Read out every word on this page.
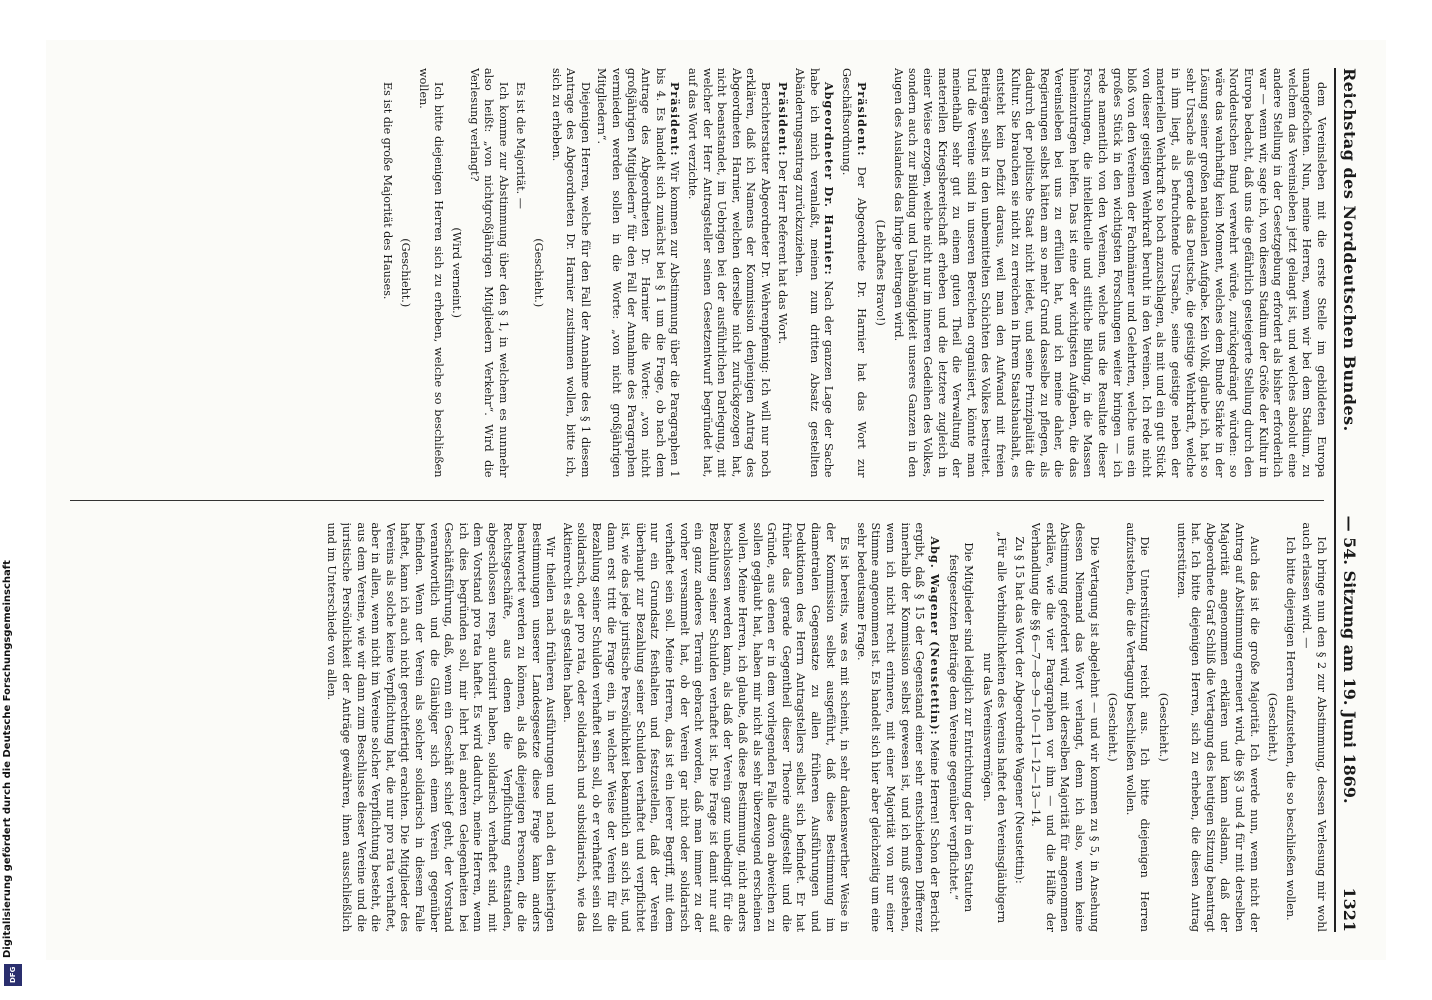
Reichstag des Norddeutschen Bundes.
— 54. Sitzung am 19. Juni 1869.
1321

dem Vereinsleben mit die erste Stelle im gebildeten Europa unangefochten. Nun, meine Herren, wenn wir bei dem Stadium, zu welchem das Vereinsleben jetzt gelangt ist, und welches absolut eine andere Stellung in der Gesetzgebung erfordert als bisher erforderlich war — wenn wir, sage ich, von diesem Stadium der Größe der Kultur in Europa bedacht, daß uns die gefährlich gesteigerte Stellung durch den Norddeutschen Bund verwehrt würde, zurückgedrängt würden: so wäre das wahrhaftig kein Moment, welches dem Bunde Stärke in der Lösung seiner großen nationalen Aufgabe. Kein Volk, glaube ich, hat so sehr Ursache als gerade das Deutsche, die geistige Wehrkraft, welche in ihm liegt, als befruchtende Ursache, seine geistige neben der materiellen Wehrkraft so hoch anzuschlagen, als mit und ein gut Stück von dieser geistigen Wehrkraft beruht in den Vereinen. Ich rede nicht bloß von den Vereinen der Fachmänner und Gelehrten, welche uns ein großes Stück in den wichtigsten Forschungen weiter bringen — ich rede namentlich von den Vereinen, welche uns die Resultate dieser Forschungen, die intellektuelle und sittliche Bildung, in die Massen hineinzutragen helfen. Das ist eine der wichtigsten Aufgaben, die das Vereinsleben bei uns zu erfüllen hat, und ich meine daher, die Regierungen selbst hätten am so mehr Grund dasselbe zu pflegen, als dadurch der politische Staat nicht leidet, und seine Prinzipalität die Kultur. Sie brauchen sie nicht zu erreichen in Ihrem Staatshaushalt, es entsteht kein Defizit daraus, weil man den Aufwand mit freien Beiträgen selbst in den unbemittelten Schichten des Volkes bestreitet. Und die Vereine sind in unseren Bereichen organisiert, könnte man meinethalb sehr gut zu einem guten Theil die Verwaltung der materiellen Kriegsbereitschaft erheben und die letztere zugleich in einer Weise erzogen, welche nicht nur im inneren Gedeihen des Volkes, sondern auch zur Bildung und Unabhängigkeit unseres Ganzen in den Augen des Auslandes das Ihrige beitragen wird.

(Lebhaftes Bravo!)

Präsident: Der Abgeordnete Dr. Harnier hat das Wort zur Geschäftsordnung.

Abgeordneter Dr. Harnier: Nach der ganzen Lage der Sache habe ich mich veranlaßt, meinen zum dritten Absatz gestellten Abänderungsantrag zurückzuziehen.

Präsident: Der Herr Referent hat das Wort.

Berichterstatter Abgeordneter Dr. Wehrenpfennig: Ich will nur noch erklären, daß ich Namens der Kommission denjenigen Antrag des Abgeordneten Harnier, welchen derselbe nicht zurückgezogen hat, nicht beanstandet, im Uebrigen bei der ausführlichen Darlegung, mit welcher der Herr Antragsteller seinen Gesetzentwurf begründet hat, auf das Wort verzichte.

Präsident: Wir kommen zur Abstimmung über die Paragraphen 1 bis 4. Es handelt sich zunächst bei § 1 um die Frage, ob nach dem Antrage des Abgeordneten Dr. Harnier die Worte: „von nicht großjährigen Mitgliedern“ für den Fall der Annahme des Paragraphen vermieden werden sollen in die Worte: „von nicht großjährigen Mitgliedern“.

Diejenigen Herren, welche für den Fall der Annahme des § 1 diesem Antrage des Abgeordneten Dr. Harnier zustimmen wollen, bitte ich, sich zu erheben.

(Geschieht.)

Es ist die Majorität. —

Ich komme zur Abstimmung über den § 1, in welchem es nunmehr also heißt: „von nichtgroßjährigen Mitgliedern Verkehr“. Wird die Verlesung verlangt?

(Wird verneint.)

Ich bitte diejenigen Herren sich zu erheben, welche so beschließen wollen.

(Geschieht.)

Es ist die große Majorität des Hauses.

Ich bringe nun den § 2 zur Abstimmung, dessen Verlesung mir wohl auch erlassen wird. —

Ich bitte diejenigen Herren aufzustehen, die so beschließen wollen.

(Geschieht.)

Auch das ist die große Majorität. Ich werde nun, wenn nicht der Antrag auf Abstimmung erneuert wird, die §§ 3 und 4 für mit derselben Majorität angenommen erklären und kann alsdann, daß der Abgeordnete Graf Schliß die Vertagung des heutigen Sitzung beantragt hat. Ich bitte diejenigen Herren, sich zu erheben, die diesen Antrag unterstützen.

(Geschieht.)

Die Unterstützung reicht aus. Ich bitte diejenigen Herren aufzustehen, die die Vertagung beschließen wollen.

(Geschieht.)

Die Vertagung ist abgelehnt — und wir kommen zu § 5, in Ansehung dessen Niemand das Wort verlangt, denn ich also, wenn keine Abstimmung gefordert wird, mit derselben Majorität für angenommen erkläre, wie die vier Paragraphen vor ihm — und die Hälfte der Verhandlung die §§ 6—7—8—9—10—11—12—13—14.

Zu § 15 hat das Wort der Abgeordnete Wagener (Neustettin):

„Für alle Verbindlichkeiten des Vereins haftet den Vereinsgläubigern nur das Vereinsvermögen.

Die Mitglieder sind lediglich zur Entrichtung der in den Statuten festgesetzten Beiträge dem Vereine gegenüber verpflichtet.“

Abg. Wagener (Neustettin): Meine Herren! Schon der Bericht ergibt, daß § 15 der Gegenstand einer sehr entschiedenen Differenz innerhalb der Kommission selbst gewesen ist, und ich muß gestehen, wenn ich nicht recht erinnere, mit einer Majorität von nur einer Stimme angenommen ist. Es handelt sich hier aber gleichzeitig um eine sehr bedeutsame Frage.

Es ist bereits, was es mit scheint, in sehr dankenswerther Weise in der Kommission selbst ausgeführt, daß diese Bestimmung im diametralen Gegensatze zu allen früheren Ausführungen und Deduktionen des Herrn Antragstellers selbst sich befindet. Er hat früher das gerade Gegentheil dieser Theorie aufgestellt und die Gründe, aus denen er in dem vorliegenden Falle davon abweichen zu sollen geglaubt hat, haben mir nicht als sehr überzeugend erscheinen wollen. Meine Herren, ich glaube, daß diese Bestimmung, nicht anders beschlossen werden kann, als daß der Verein ganz unbedingt für die Bezahlung seiner Schulden verhaftet ist. Die Frage ist damit nur auf ein ganz anderes Terrain gebracht worden, daß man immer zu der vorher versammelt hat, ob der Verein gar nicht oder solidarisch verhaftet sein soll. Meine Herren, das ist ein leerer Begriff, mit dem nur ein Grundsatz festhalten und festzustellen, daß der Verein überhaupt zur Bezahlung seiner Schulden verhaftet und verpflichtet ist, wie das jede juristische Persönlichkeit bekanntlich an sich ist, und dann erst tritt die Frage ein, in welcher Weise der Verein für die Bezahlung seiner Schulden verhaftet sein soll, ob er verhaftet sein soll solidarisch, oder pro rata, oder solidarisch und subsidiarisch, wie das Aktienrecht es als gestalten haben.

Wir theilen nach früheren Ausführungen und nach den bisherigen Bestimmungen unserer Landesgesetze diese Frage kann anders beantwortet werden zu können, als daß diejenigen Personen, die die Rechtsgeschäfte, aus denen die Verpflichtung entstanden, abgeschlossen resp. autorisirt haben, solidarisch verhaftet sind, mit dem Vorstand pro rata haftet. Es wird dadurch, meine Herren, wenn ich dies begründen soll, mir lehrt bei anderen Gelegenheiten bei Geschäftsführung, daß, wenn ein Geschäft schief geht, der Vorstand verantwortlich und die Gläubiger sich einem Verein gegenüber befinden. Wenn der Verein als solcher solidarisch in diesem Falle haftet, kann ich auch nicht gerechtfertigt erachten. Die Mitglieder des Vereins als solche keine Verpflichtung hat, die nur pro rata verhaftet, aber in allen, wenn nicht im Vereine solcher Verpflichtung besteht, die aus dem Vereine, wie wir dann zum Beschlusse dieser Vereine und die juristische Persönlichkeit der Anträge gewähren, ihnen ausschließlich und im Unterschiede von allen.

Digitalisierung gefördert durch die Deutsche Forschungsgemeinschaft
DFG
